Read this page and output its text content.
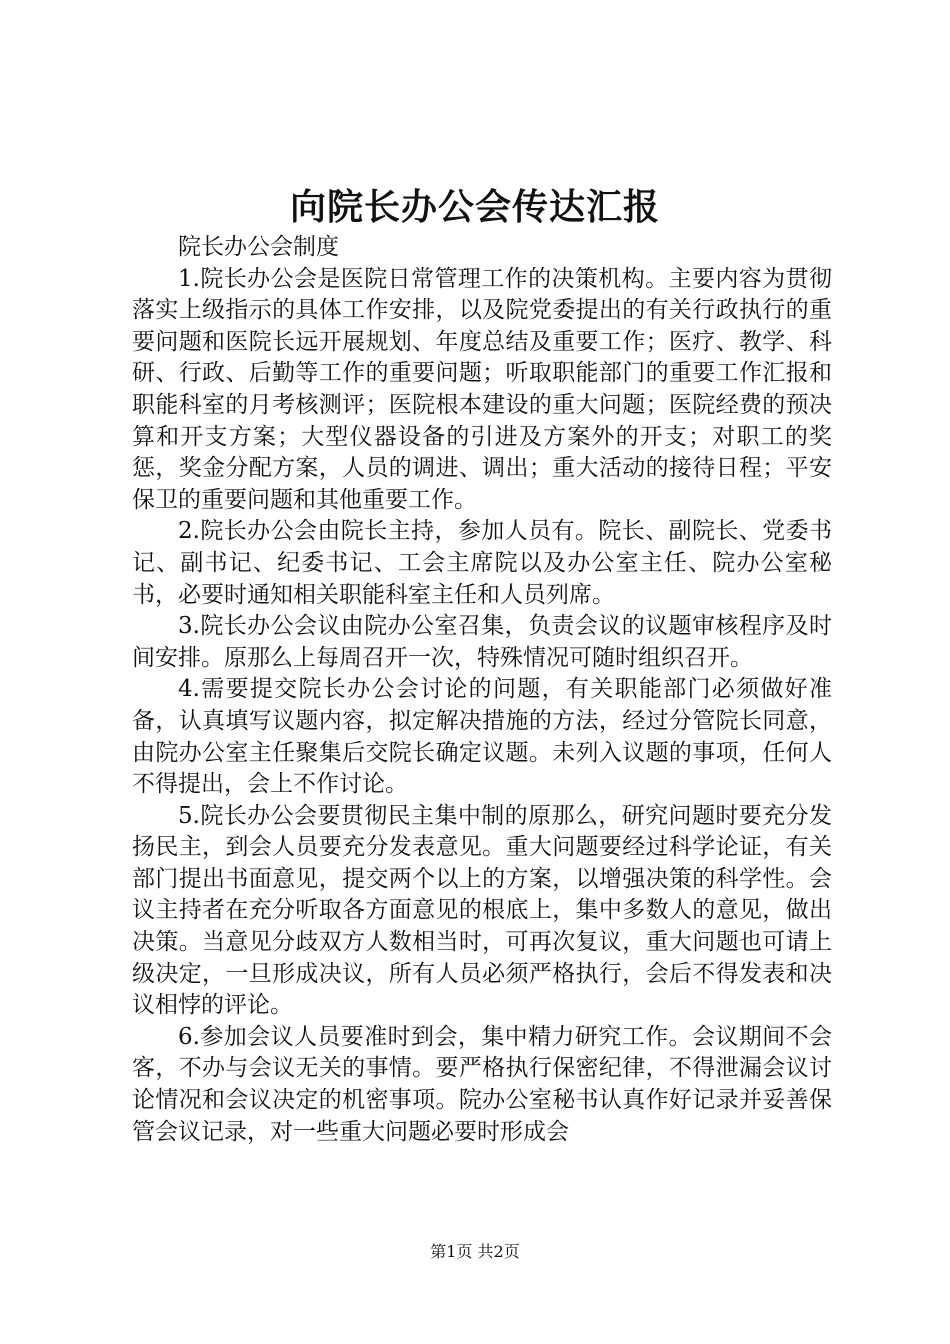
向院长办公会传达汇报

院长办公会制度

1.院长办公会是医院日常管理工作的决策机构。主要内容为贯彻落实上级指示的具体工作安排，以及院党委提出的有关行政执行的重要问题和医院长远开展规划、年度总结及重要工作；医疗、教学、科研、行政、后勤等工作的重要问题；听取职能部门的重要工作汇报和职能科室的月考核测评；医院根本建设的重大问题；医院经费的预决算和开支方案；大型仪器设备的引进及方案外的开支；对职工的奖惩，奖金分配方案，人员的调进、调出；重大活动的接待日程；平安保卫的重要问题和其他重要工作。

2.院长办公会由院长主持，参加人员有。院长、副院长、党委书记、副书记、纪委书记、工会主席院以及办公室主任、院办公室秘书，必要时通知相关职能科室主任和人员列席。

3.院长办公会议由院办公室召集，负责会议的议题审核程序及时间安排。原那么上每周召开一次，特殊情况可随时组织召开。

4.需要提交院长办公会讨论的问题，有关职能部门必须做好准备，认真填写议题内容，拟定解决措施的方法，经过分管院长同意，由院办公室主任聚集后交院长确定议题。未列入议题的事项，任何人不得提出，会上不作讨论。

5.院长办公会要贯彻民主集中制的原那么，研究问题时要充分发扬民主，到会人员要充分发表意见。重大问题要经过科学论证，有关部门提出书面意见，提交两个以上的方案，以增强决策的科学性。会议主持者在充分听取各方面意见的根底上，集中多数人的意见，做出决策。当意见分歧双方人数相当时，可再次复议，重大问题也可请上级决定，一旦形成决议，所有人员必须严格执行，会后不得发表和决议相悖的评论。

6.参加会议人员要准时到会，集中精力研究工作。会议期间不会客，不办与会议无关的事情。要严格执行保密纪律，不得泄漏会议讨论情况和会议决定的机密事项。院办公室秘书认真作好记录并妥善保管会议记录，对一些重大问题必要时形成会

第1页 共2页
